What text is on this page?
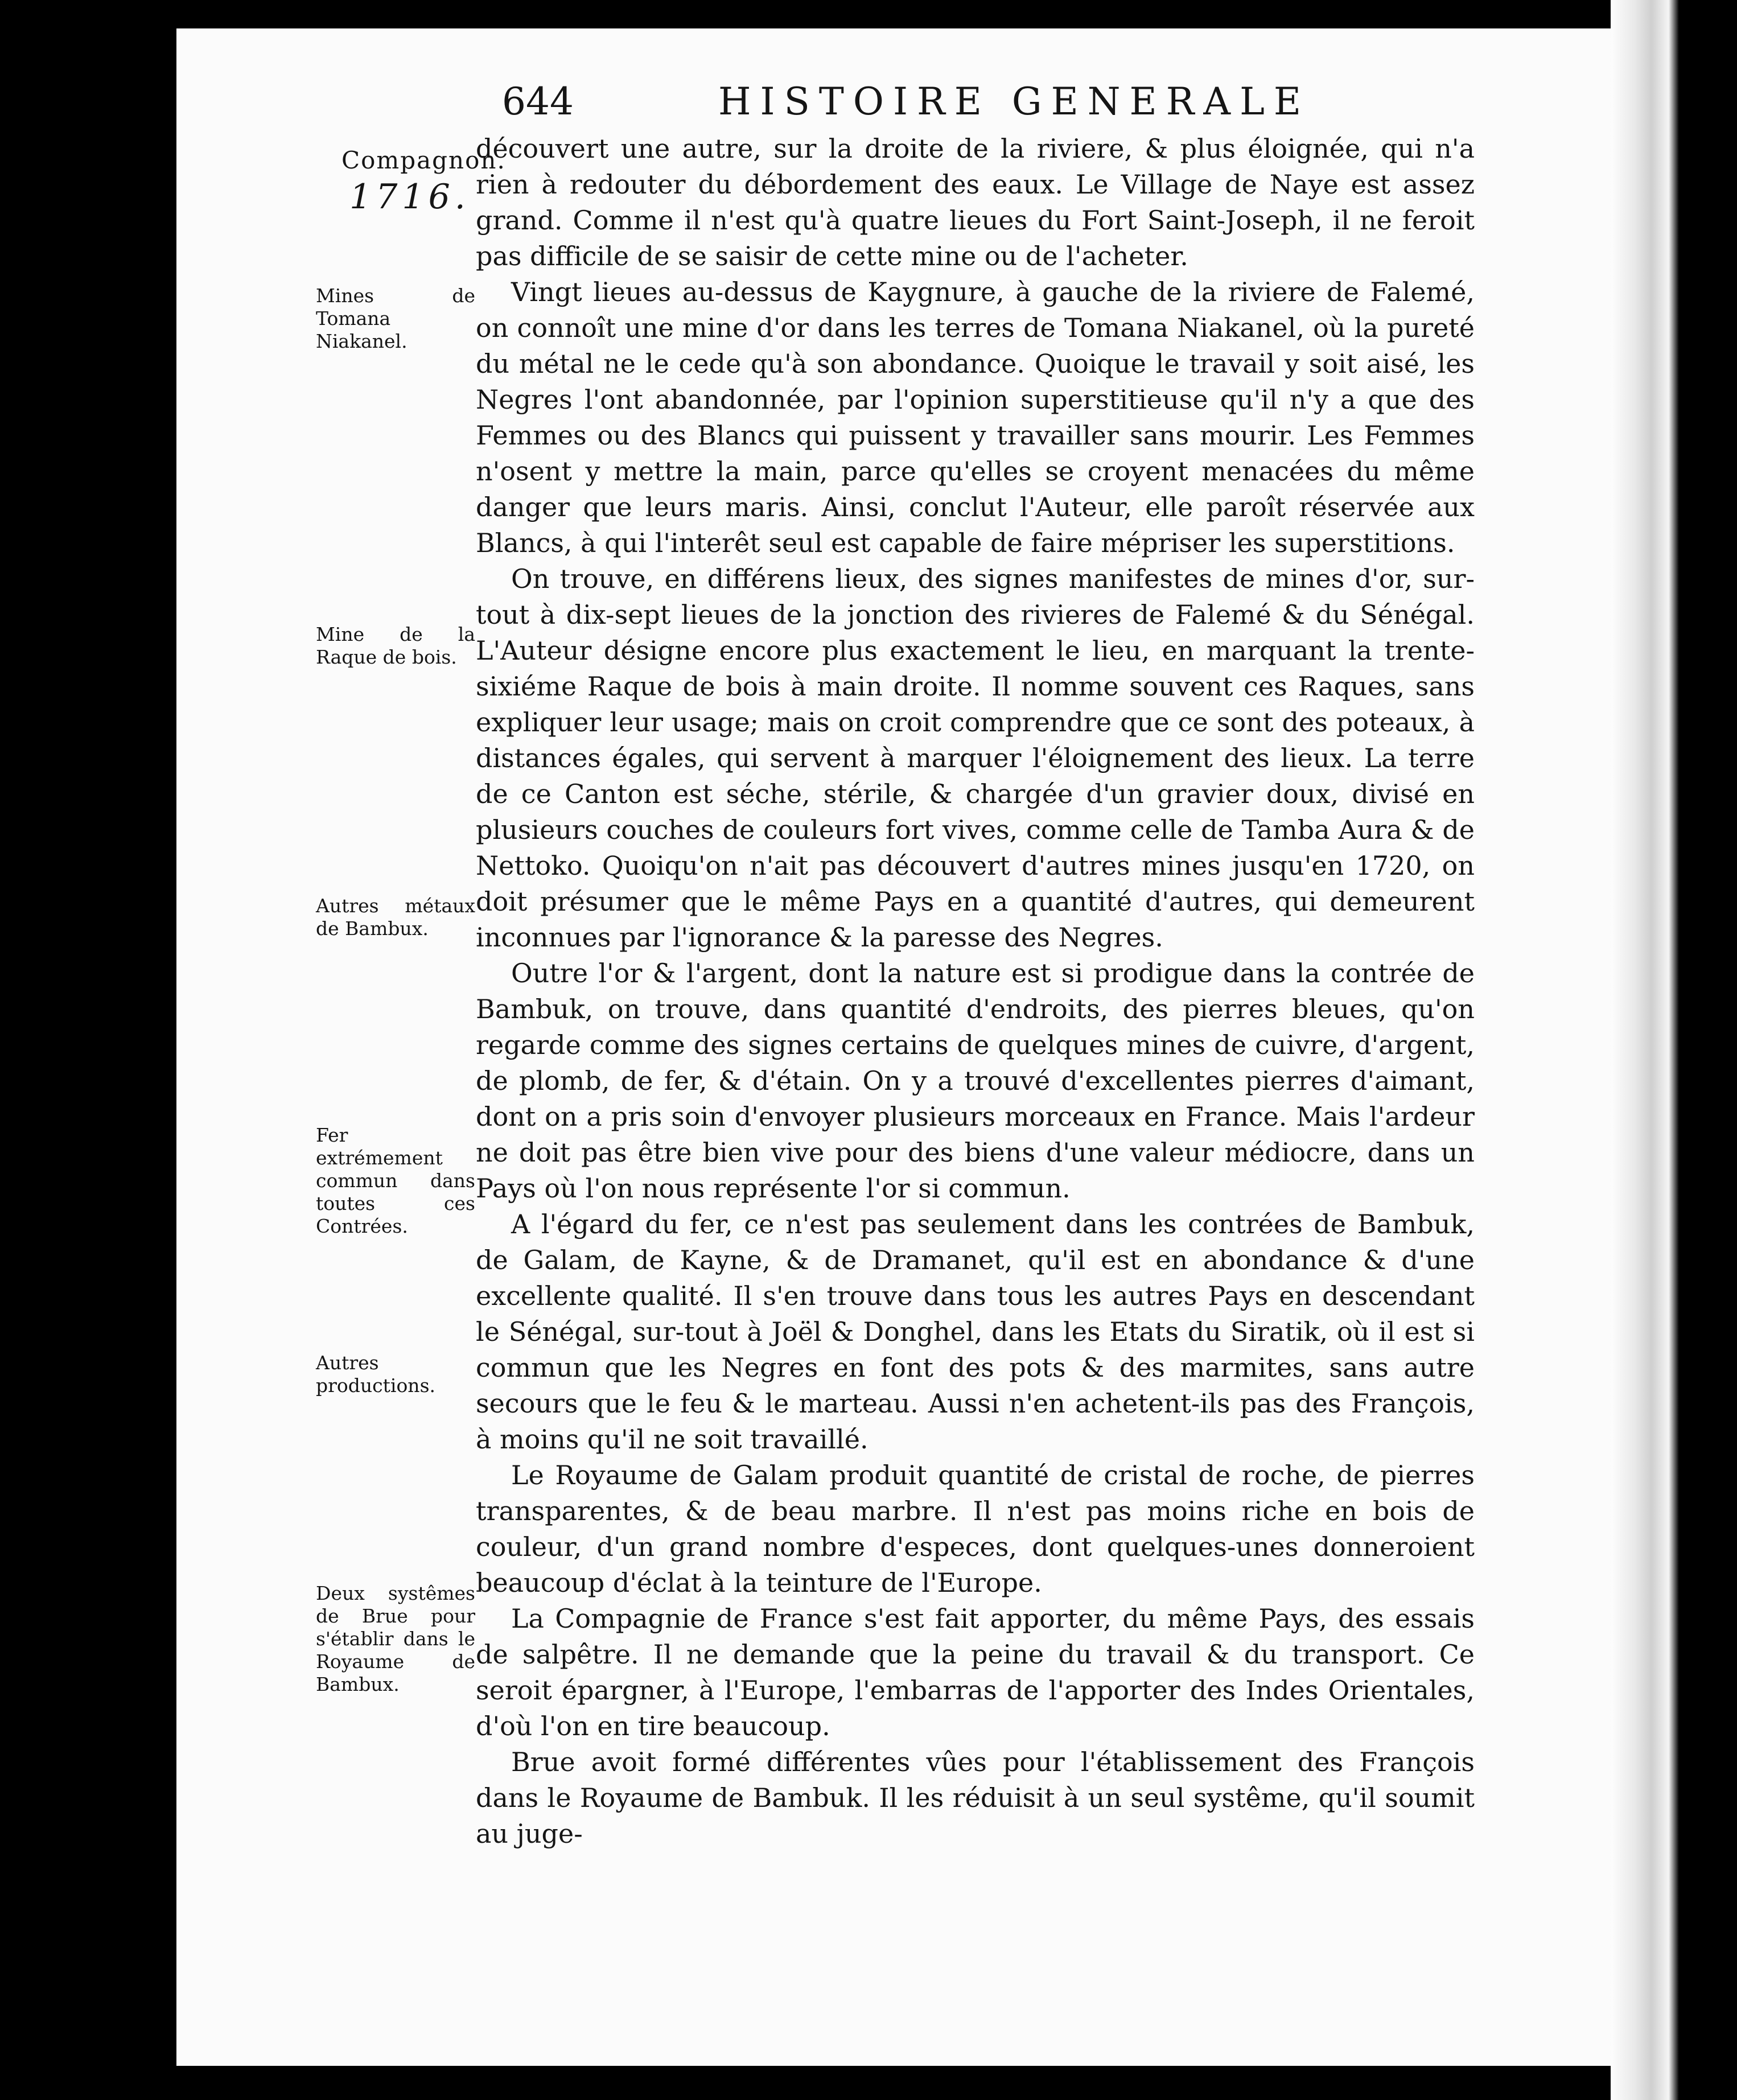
644	HISTOIRE GENERALE
Compagnon.
1716.
Mines de Tomana Niakanel.
Mine de la Raque de bois.
Autres métaux de Bambux.
Fer extrémement commun dans toutes ces Contrées.
Autres productions.
Deux systêmes de Brue pour s'établir dans le Royaume de Bambux.

découvert une autre, sur la droite de la riviere, & plus éloignée, qui n'a rien à redouter du débordement des eaux. Le Village de Naye est assez grand. Comme il n'est qu'à quatre lieues du Fort Saint-Joseph, il ne feroit pas difficile de se saisir de cette mine ou de l'acheter.

Vingt lieues au-dessus de Kaygnure, à gauche de la riviere de Falemé, on connoît une mine d'or dans les terres de Tomana Niakanel, où la pureté du métal ne le cede qu'à son abondance. Quoique le travail y soit aisé, les Negres l'ont abandonnée, par l'opinion superstitieuse qu'il n'y a que des Femmes ou des Blancs qui puissent y travailler sans mourir. Les Femmes n'osent y mettre la main, parce qu'elles se croyent menacées du même danger que leurs maris. Ainsi, conclut l'Auteur, elle paroît réservée aux Blancs, à qui l'interêt seul est capable de faire mépriser les superstitions.

On trouve, en différens lieux, des signes manifestes de mines d'or, sur-tout à dix-sept lieues de la jonction des rivieres de Falemé & du Sénégal. L'Auteur désigne encore plus exactement le lieu, en marquant la trente-sixiéme Raque de bois à main droite. Il nomme souvent ces Raques, sans expliquer leur usage; mais on croit comprendre que ce sont des poteaux, à distances égales, qui servent à marquer l'éloignement des lieux. La terre de ce Canton est séche, stérile, & chargée d'un gravier doux, divisé en plusieurs couches de couleurs fort vives, comme celle de Tamba Aura & de Nettoko. Quoiqu'on n'ait pas découvert d'autres mines jusqu'en 1720, on doit présumer que le même Pays en a quantité d'autres, qui demeurent inconnues par l'ignorance & la paresse des Negres.

Outre l'or & l'argent, dont la nature est si prodigue dans la contrée de Bambuk, on trouve, dans quantité d'endroits, des pierres bleues, qu'on regarde comme des signes certains de quelques mines de cuivre, d'argent, de plomb, de fer, & d'étain. On y a trouvé d'excellentes pierres d'aimant, dont on a pris soin d'envoyer plusieurs morceaux en France. Mais l'ardeur ne doit pas être bien vive pour des biens d'une valeur médiocre, dans un Pays où l'on nous représente l'or si commun.

A l'égard du fer, ce n'est pas seulement dans les contrées de Bambuk, de Galam, de Kayne, & de Dramanet, qu'il est en abondance & d'une excellente qualité. Il s'en trouve dans tous les autres Pays en descendant le Sénégal, sur-tout à Joël & Donghel, dans les Etats du Siratik, où il est si commun que les Negres en font des pots & des marmites, sans autre secours que le feu & le marteau. Aussi n'en achetent-ils pas des François, à moins qu'il ne soit travaillé.

Le Royaume de Galam produit quantité de cristal de roche, de pierres transparentes, & de beau marbre. Il n'est pas moins riche en bois de couleur, d'un grand nombre d'especes, dont quelques-unes donneroient beaucoup d'éclat à la teinture de l'Europe.

La Compagnie de France s'est fait apporter, du même Pays, des essais de salpêtre. Il ne demande que la peine du travail & du transport. Ce seroit épargner, à l'Europe, l'embarras de l'apporter des Indes Orientales, d'où l'on en tire beaucoup.

Brue avoit formé différentes vûes pour l'établissement des François dans le Royaume de Bambuk. Il les réduisit à un seul systême, qu'il soumit au juge-
